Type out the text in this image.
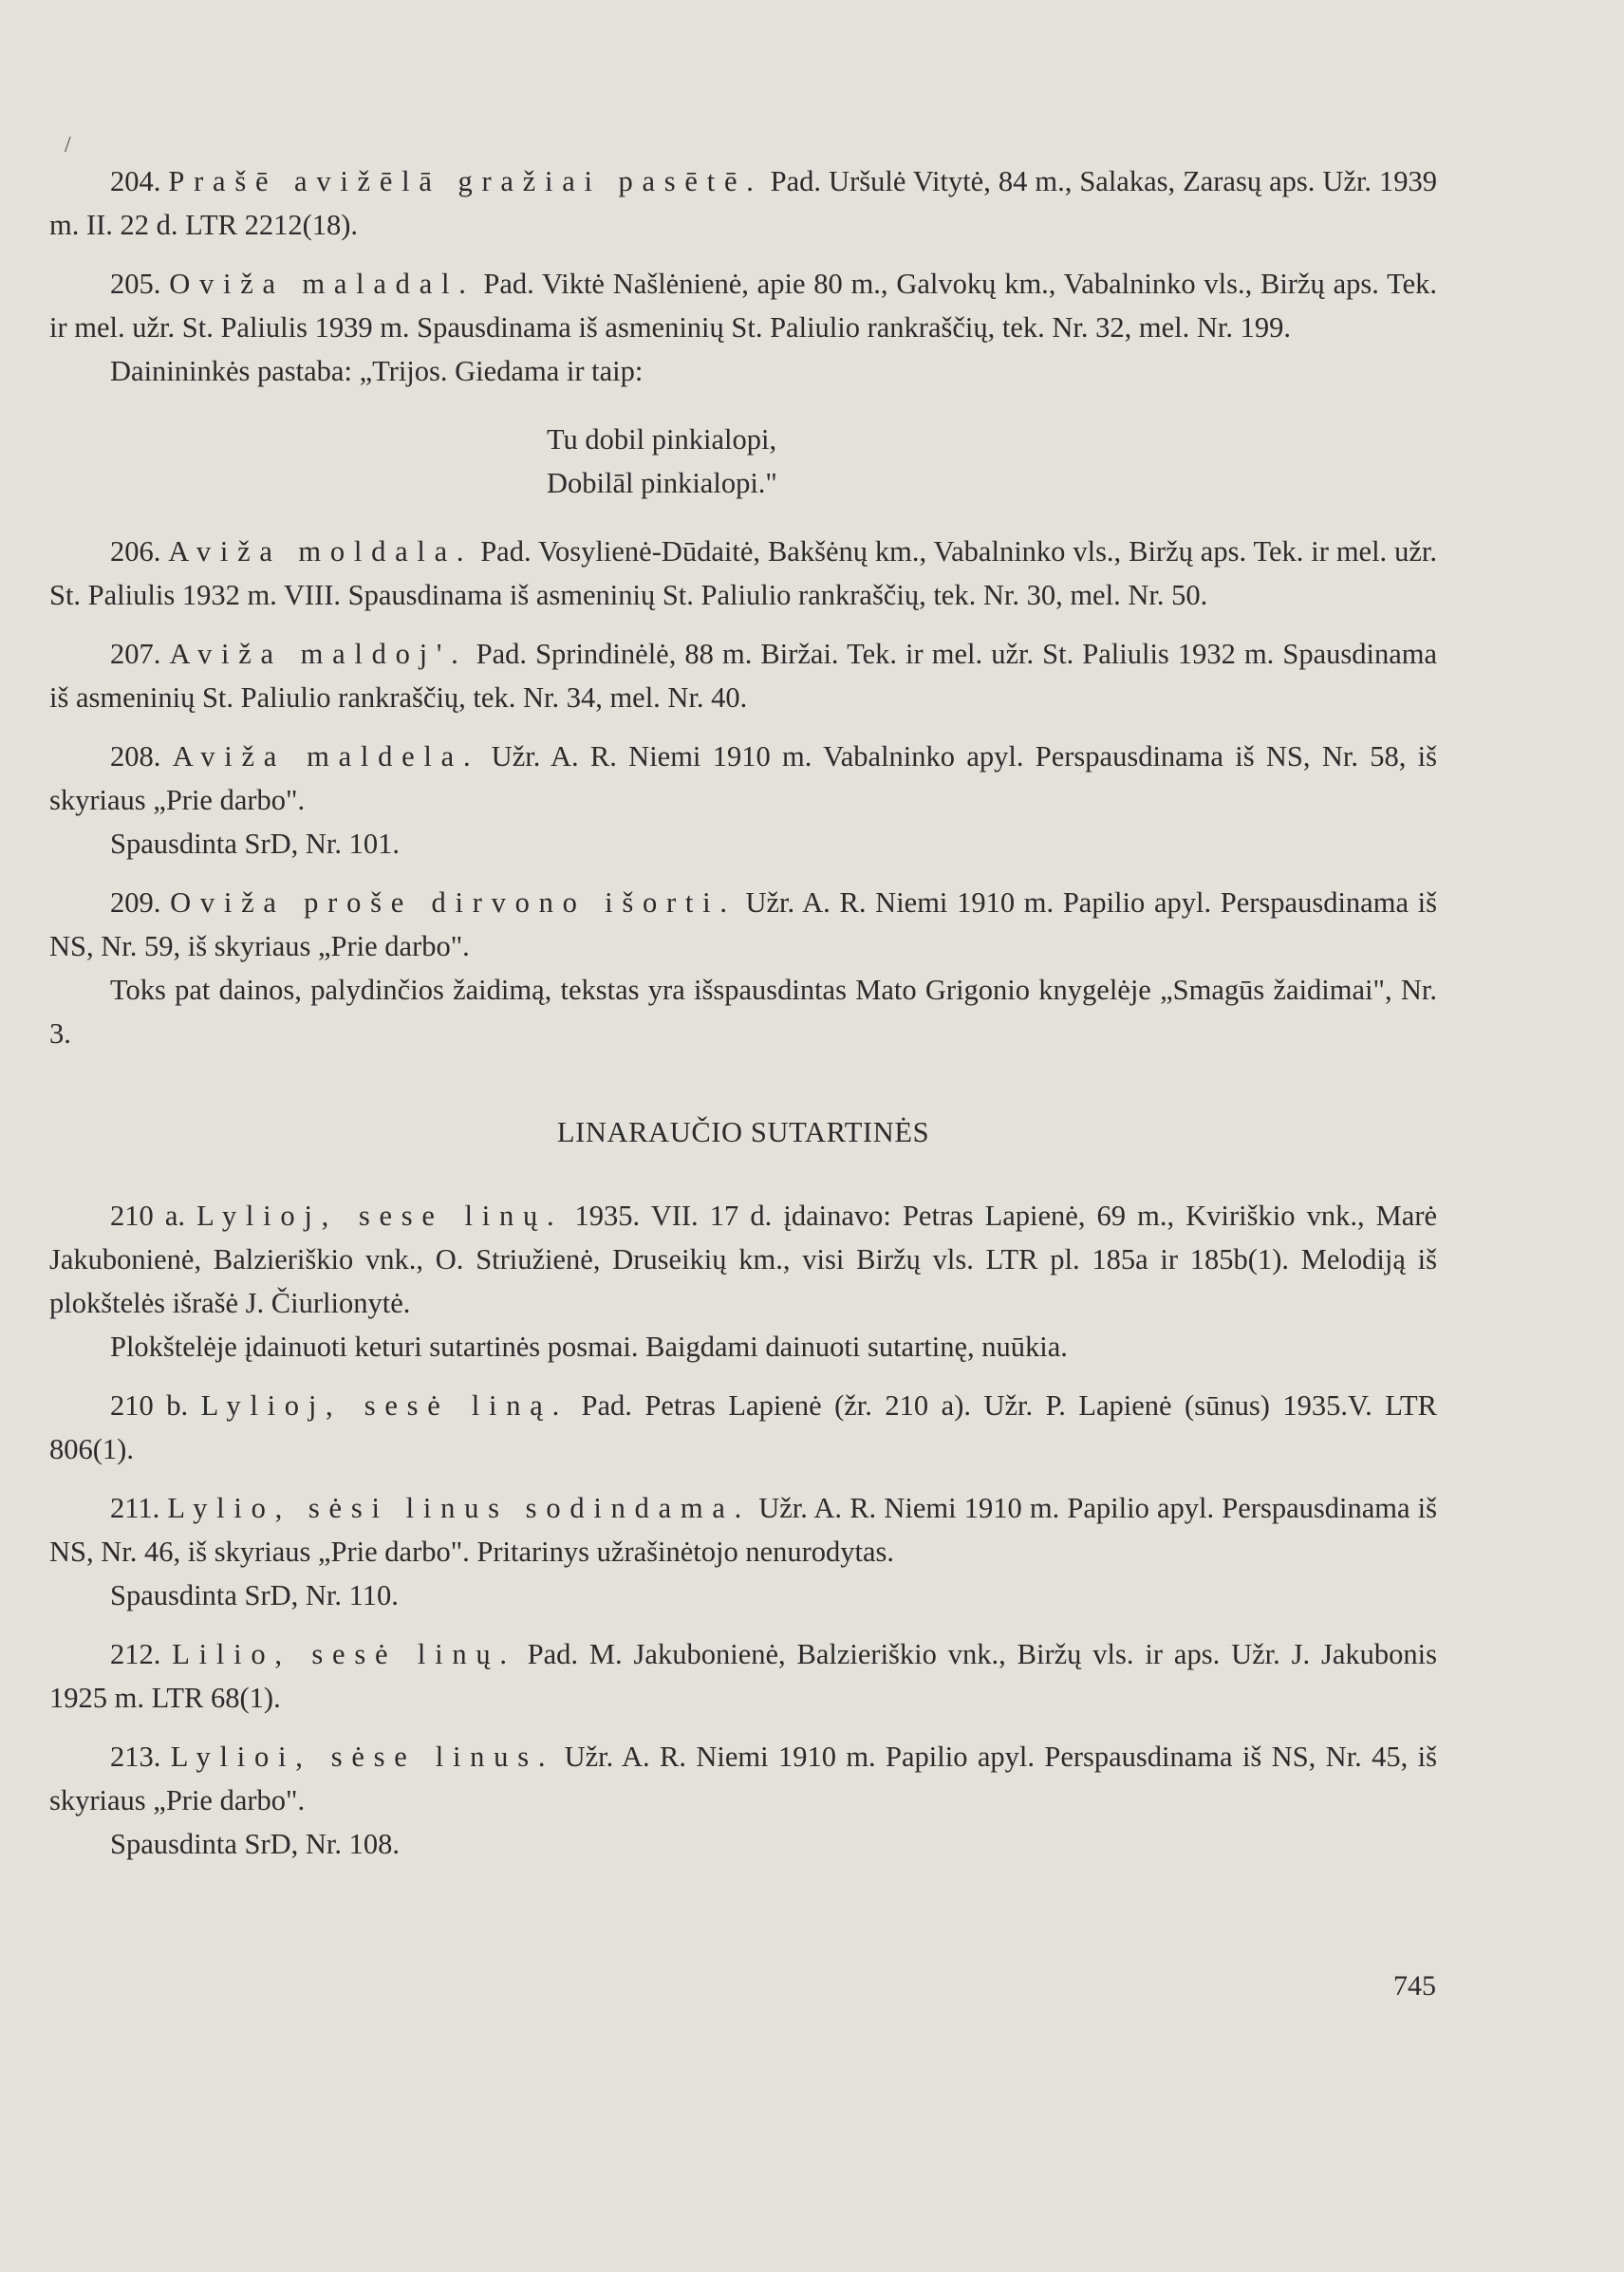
/

204. Prašē avižēlā gražiai pasētē. Pad. Uršulė Vitytė, 84 m., Salakas, Zarasų aps. Užr. 1939 m. II. 22 d. LTR 2212(18).

205. Oviža maladal. Pad. Viktė Našlėnienė, apie 80 m., Galvokų km., Vabalninko vls., Biržų aps. Tek. ir mel. užr. St. Paliulis 1939 m. Spausdinama iš asmeninių St. Paliulio rankraščių, tek. Nr. 32, mel. Nr. 199.
Dainininkės pastaba: „Trijos. Giedama ir taip:
Tu dobil pinkialopi,
Dobilāl pinkialopi."

206. Aviža moldala. Pad. Vosylienė-Dūdaitė, Bakšėnų km., Vabalninko vls., Biržų aps. Tek. ir mel. užr. St. Paliulis 1932 m. VIII. Spausdinama iš asmeninių St. Paliulio rankraščių, tek. Nr. 30, mel. Nr. 50.

207. Aviža maldoj'. Pad. Sprindinėlė, 88 m. Biržai. Tek. ir mel. užr. St. Paliulis 1932 m. Spausdinama iš asmeninių St. Paliulio rankraščių, tek. Nr. 34, mel. Nr. 40.

208. Aviža maldela. Užr. A. R. Niemi 1910 m. Vabalninko apyl. Perspausdinama iš NS, Nr. 58, iš skyriaus „Prie darbo".
Spausdinta SrD, Nr. 101.

209. Oviža proše dirvono išorti. Užr. A. R. Niemi 1910 m. Papilio apyl. Perspausdinama iš NS, Nr. 59, iš skyriaus „Prie darbo".
Toks pat dainos, palydinčios žaidimą, tekstas yra išspausdintas Mato Grigonio knygelėje „Smagūs žaidimai", Nr. 3.

LINARAUČIO SUTARTINĖS

210 a. Lyliој, sese linų. 1935. VII. 17 d. įdainavo: Petras Lapienė, 69 m., Kviriškio vnk., Marė Jakubonienė, Balzieriškio vnk., O. Striužienė, Druseikių km., visi Biržų vls. LTR pl. 185a ir 185b(1). Melodiją iš plokštelės išrašė J. Čiurlionytė.
Plokštelėje įdainuoti keturi sutartinės posmai. Baigdami dainuoti sutartinę, nuūkia.

210 b. Lylioj, sesė liną. Pad. Petras Lapienė (žr. 210 a). Užr. P. Lapienė (sūnus) 1935.V. LTR 806(1).

211. Lylio, sėsi linus sodindama. Užr. A. R. Niemi 1910 m. Papilio apyl. Perspausdinama iš NS, Nr. 46, iš skyriaus „Prie darbo". Pritarinys užrašinėtojo nenurodytas.
Spausdinta SrD, Nr. 110.

212. Lilio, sesė linų. Pad. M. Jakubonienė, Balzieriškio vnk., Biržų vls. ir aps. Užr. J. Jakubonis 1925 m. LTR 68(1).

213. Lylioi, sėse linus. Užr. A. R. Niemi 1910 m. Papilio apyl. Perspausdinama iš NS, Nr. 45, iš skyriaus „Prie darbo".
Spausdinta SrD, Nr. 108.

745
